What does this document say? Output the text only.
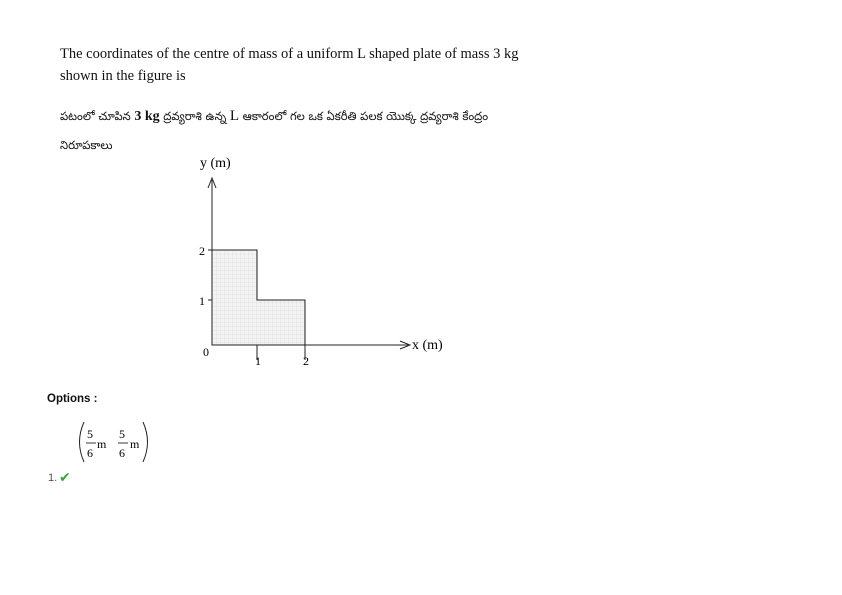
The coordinates of the centre of mass of a uniform L shaped plate of mass 3 kg
shown in the figure is
పటంలో చూపిన 3 kg ద్రవ్యరాశి ఉన్న L ఆకారంలో గల ఒక ఏకరీతి పలక యొక్క ద్రవ్యరాశి కేంద్రం
నిరూపకాలు
y (m)
x (m)
2
1
0
1	2
Options :
5
6
m
5
6
m
1. ✔
